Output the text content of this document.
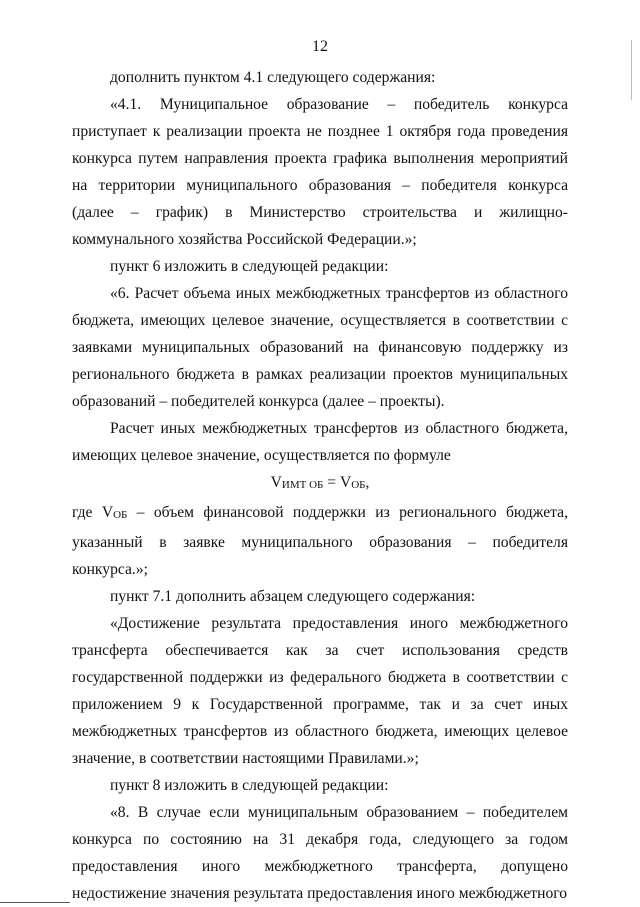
12

дополнить пунктом 4.1 следующего содержания:

«4.1. Муниципальное образование – победитель конкурса приступает к реализации проекта не позднее 1 октября года проведения конкурса путем направления проекта графика выполнения мероприятий на территории муниципального образования – победителя конкурса (далее – график) в Министерство строительства и жилищно-коммунального хозяйства Российской Федерации.»;

пункт 6 изложить в следующей редакции:

«6. Расчет объема иных межбюджетных трансфертов из областного бюджета, имеющих целевое значение, осуществляется в соответствии с заявками муниципальных образований на финансовую поддержку из регионального бюджета в рамках реализации проектов муниципальных образований – победителей конкурса (далее – проекты).

Расчет иных межбюджетных трансфертов из областного бюджета, имеющих целевое значение, осуществляется по формуле

VИМТ ОБ = VОБ,

где VОБ – объем финансовой поддержки из регионального бюджета, указанный в заявке муниципального образования – победителя конкурса.»;

пункт 7.1 дополнить абзацем следующего содержания:

«Достижение результата предоставления иного межбюджетного трансферта обеспечивается как за счет использования средств государственной поддержки из федерального бюджета в соответствии с приложением 9 к Государственной программе, так и за счет иных межбюджетных трансфертов из областного бюджета, имеющих целевое значение, в соответствии настоящими Правилами.»;

пункт 8 изложить в следующей редакции:

«8. В случае если муниципальным образованием – победителем конкурса по состоянию на 31 декабря года, следующего за годом предоставления иного межбюджетного трансферта, допущено недостижение значения результата предоставления иного межбюджетного
